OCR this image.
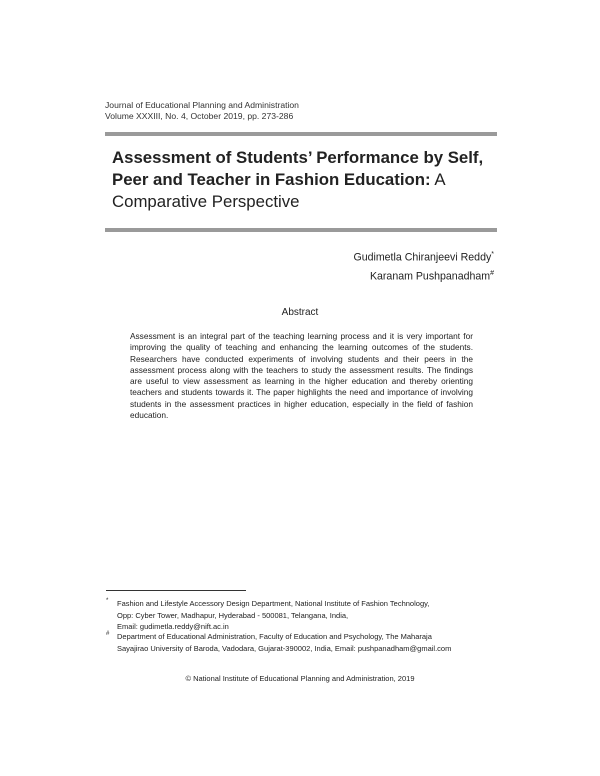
Journal of Educational Planning and Administration
Volume XXXIII, No. 4, October 2019, pp. 273-286
Assessment of Students’ Performance by Self, Peer and Teacher in Fashion Education: A Comparative Perspective
Gudimetla Chiranjeevi Reddy*
Karanam Pushpanadham#
Abstract
Assessment is an integral part of the teaching learning process and it is very important for improving the quality of teaching and enhancing the learning outcomes of the students. Researchers have conducted experiments of involving students and their peers in the assessment process along with the teachers to study the assessment results. The findings are useful to view assessment as learning in the higher education and thereby orienting teachers and students towards it. The paper highlights the need and importance of involving students in the assessment practices in higher education, especially in the field of fashion education.
*	Fashion and Lifestyle Accessory Design Department, National Institute of Fashion Technology,
Opp: Cyber Tower, Madhapur, Hyderabad - 500081, Telangana, India,
Email: gudimetla.reddy@nift.ac.in
#	Department of Educational Administration, Faculty of Education and Psychology, The Maharaja
Sayajirao University of Baroda, Vadodara, Gujarat-390002, India, Email: pushpanadham@gmail.com
© National Institute of Educational Planning and Administration, 2019
